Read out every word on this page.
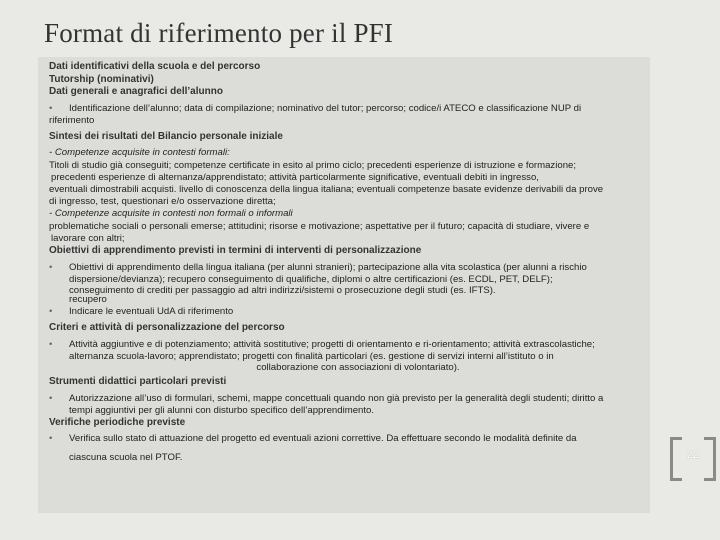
Format di riferimento per il PFI

Dati identificativi della scuola e del percorso

Tutorship (nominativi)

Dati generali e anagrafici dell’alunno

•	Identificazione dell’alunno; data di compilazione; nominativo del tutor; percorso; codice/i ATECO e classificazione NUP di

riferimento

Sintesi dei risultati del Bilancio personale iniziale

- Competenze acquisite in contesti formali:

Titoli di studio già conseguiti; competenze certificate in esito al primo ciclo; precedenti esperienze di istruzione e formazione;

precedenti esperienze di alternanza/apprendistato; attività particolarmente significative, eventuali debiti in ingresso,

eventuali dimostrabili acquisti. livello di conoscenza della lingua italiana; eventuali competenze basate evidenze derivabili da prove

di ingresso, test, questionari e/o osservazione diretta;

- Competenze acquisite in contesti non formali o informali

problematiche sociali o personali emerse; attitudini; risorse e motivazione; aspettative per il futuro; capacità di studiare, vivere e

lavorare con altri;

Obiettivi di apprendimento previsti in termini di interventi di personalizzazione

•	Obiettivi di apprendimento della lingua italiana (per alunni stranieri); partecipazione alla vita scolastica (per alunni a rischio
dispersione/devianza); recupero conseguimento di qualifiche, diplomi o altre certificazioni (es. ECDL, PET, DELF);
conseguimento di crediti per passaggio ad altri indirizzi/sistemi o prosecuzione degli studi (es. IFTS).
recupero
•	Indicare le eventuali UdA di riferimento

Criteri e attività di personalizzazione del percorso

•	Attività aggiuntive e di potenziamento; attività sostitutive; progetti di orientamento e ri-orientamento; attività extrascolastiche;
alternanza scuola-lavoro; apprendistato; progetti con finalità particolari (es. gestione di servizi interni all’istituto o in
collaborazione con associazioni di volontariato).

Strumenti didattici particolari previsti

•	Autorizzazione all’uso di formulari, schemi, mappe concettuali quando non già previsto per la generalità degli studenti; diritto a
tempi aggiuntivi per gli alunni con disturbo specifico dell’apprendimento.

Verifiche periodiche previste

•	Verifica sullo stato di attuazione del progetto ed eventuali azioni correttive. Da effettuare secondo le modalità definite da
ciascuna scuola nel PTOF.	22
